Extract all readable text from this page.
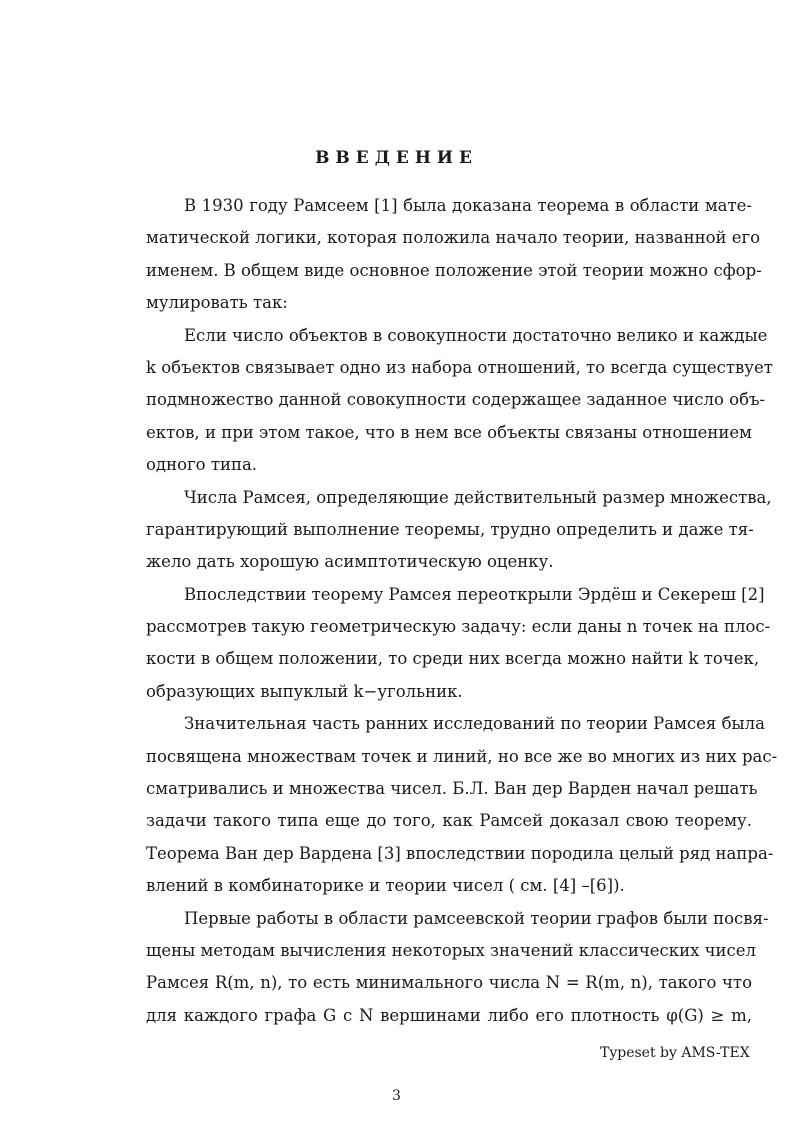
ВВЕДЕНИЕ
В 1930 году Рамсеем [1] была доказана теорема в области мате-
матической логики, которая положила начало теории, названной его
именем. В общем виде основное положение этой теории можно сфор-
мулировать так:
Если число объектов в совокупности достаточно велико и каждые
k объектов связывает одно из набора отношений, то всегда существует
подмножество данной совокупности содержащее заданное число объ-
ектов, и при этом такое, что в нем все объекты связаны отношением
одного типа.
Числа Рамсея, определяющие действительный размер множества,
гарантирующий выполнение теоремы, трудно определить и даже тя-
жело дать хорошую асимптотическую оценку.
Впоследствии теорему Рамсея переоткрыли Эрдёш и Секереш [2]
рассмотрев такую геометрическую задачу: если даны n точек на плос-
кости в общем положении, то среди них всегда можно найти k точек,
образующих выпуклый k−угольник.
Значительная часть ранних исследований по теории Рамсея была
посвящена множествам точек и линий, но все же во многих из них рас-
сматривались и множества чисел. Б.Л. Ван дер Варден начал решать
задачи такого типа еще до того, как Рамсей доказал свою теорему.
Теорема Ван дер Вардена [3] впоследствии породила целый ряд напра-
влений в комбинаторике и теории чисел ( см. [4] –[6]).
Первые работы в области рамсеевской теории графов были посвя-
щены методам вычисления некоторых значений классических чисел
Рамсея R(m, n), то есть минимального числа N = R(m, n), такого что
для каждого графа G с N вершинами либо его плотность φ(G) ≥ m,
Typeset by AMS-TEX
3
